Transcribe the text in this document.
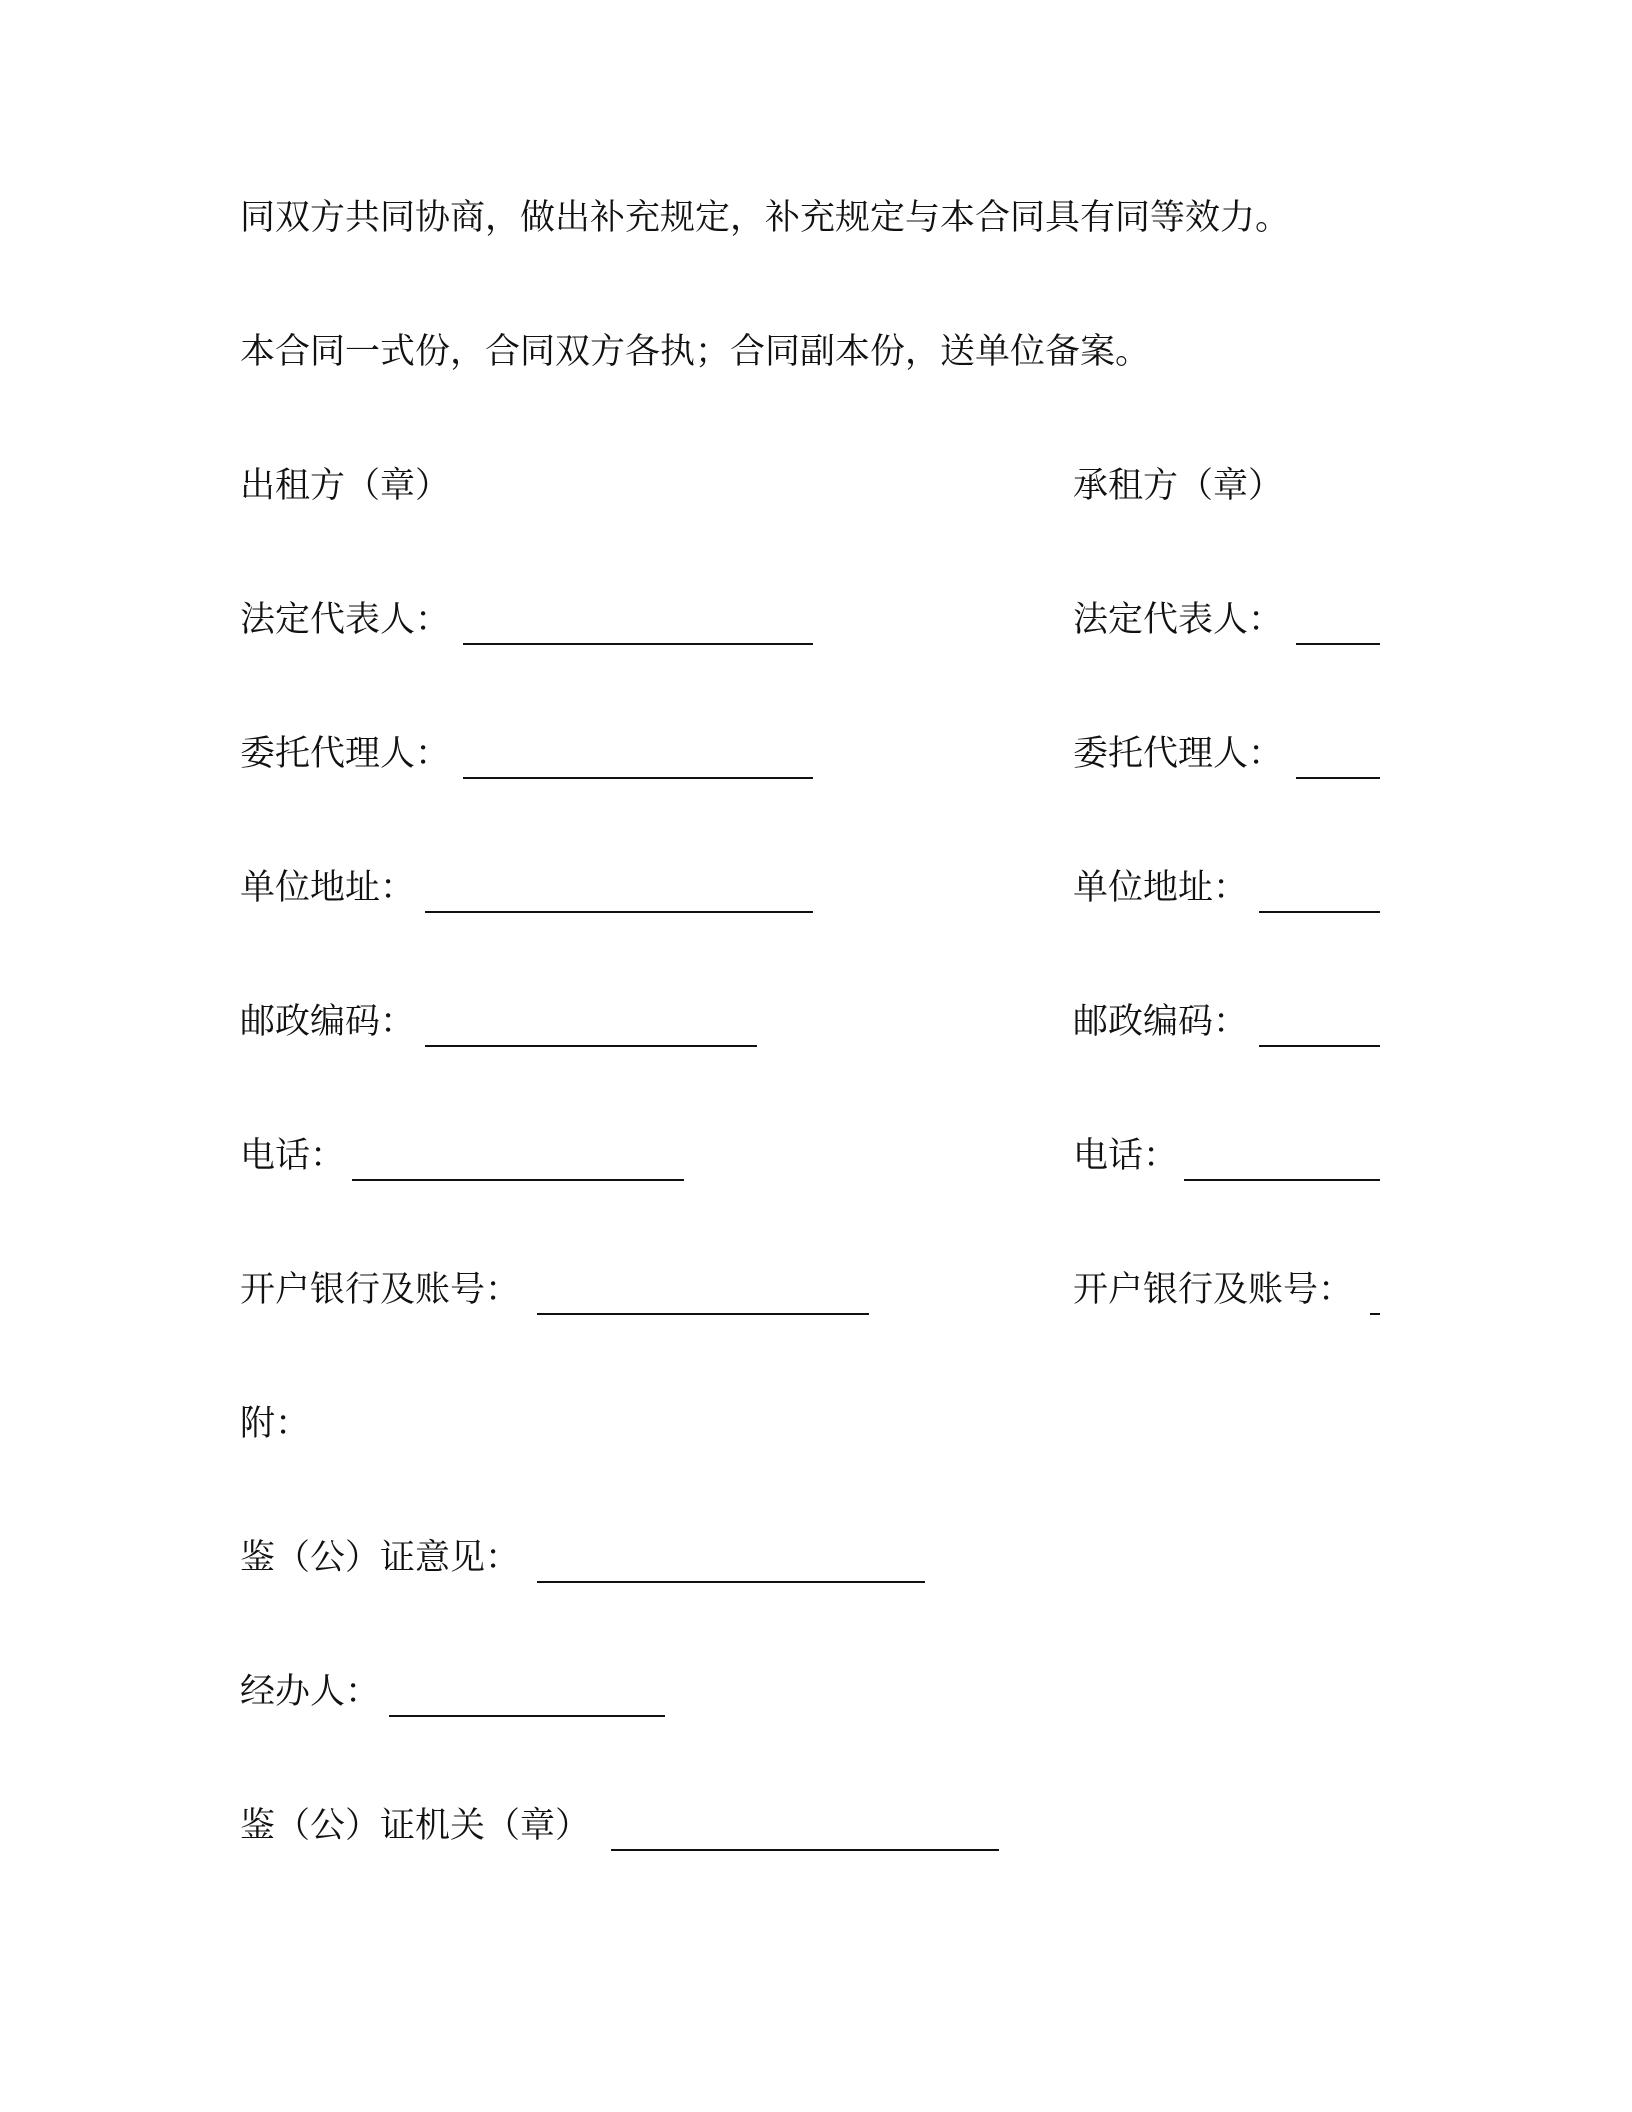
同双方共同协商，做出补充规定，补充规定与本合同具有同等效力。
本合同一式份，合同双方各执；合同副本份，送单位备案。
出租方（章）
法定代表人：
委托代理人：
单位地址：
邮政编码：
电话：
开户银行及账号：
承租方（章）
法定代表人：
委托代理人：
单位地址：
邮政编码：
电话：
开户银行及账号：
附：
鉴（公）证意见：
经办人：
鉴（公）证机关（章）
